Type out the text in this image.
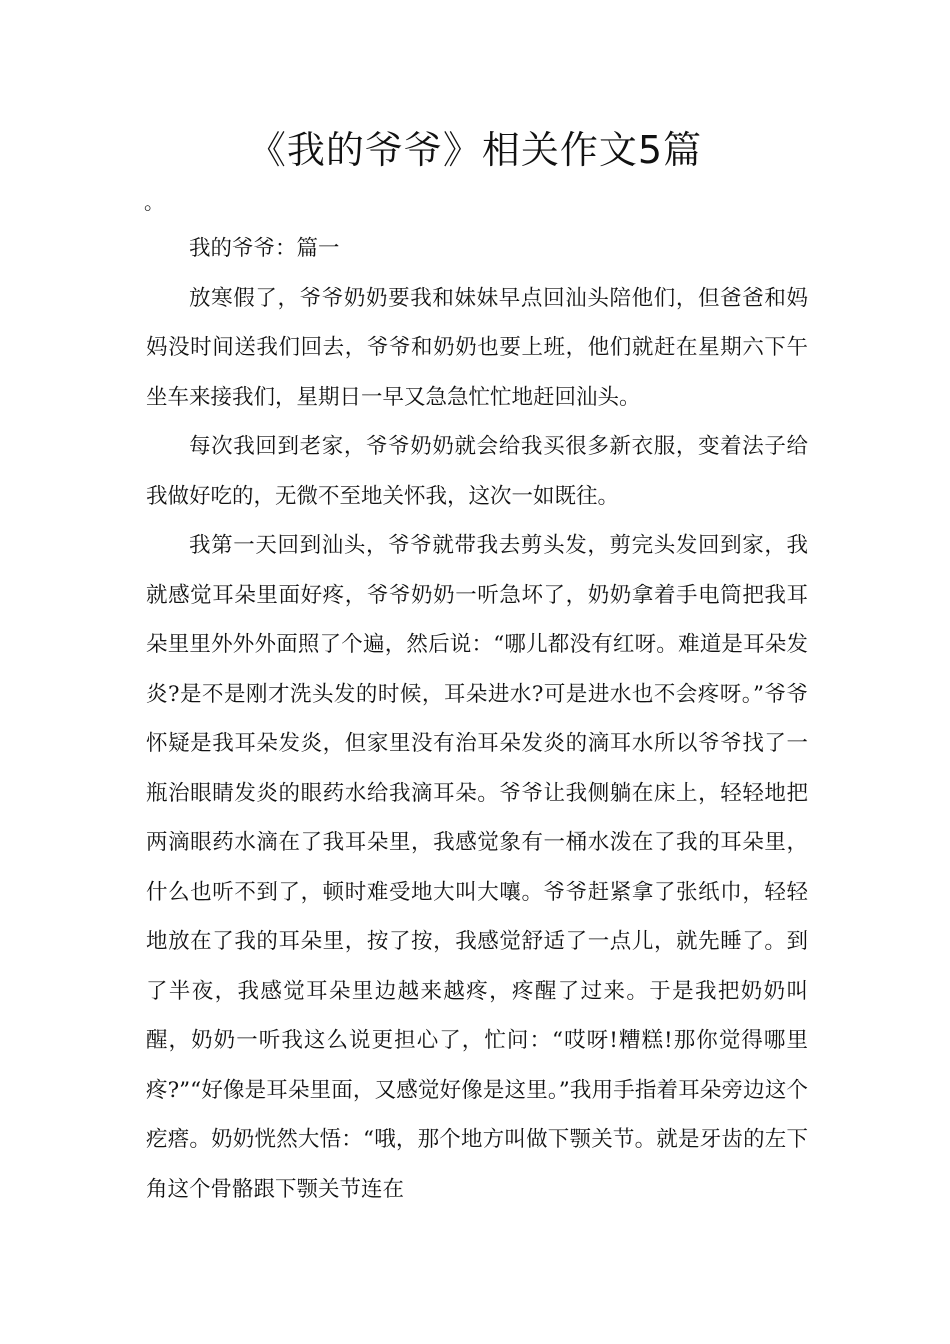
《我的爷爷》相关作文5篇
。

我的爷爷：篇一

放寒假了，爷爷奶奶要我和妹妹早点回汕头陪他们，但爸爸和妈妈没时间送我们回去，爷爷和奶奶也要上班，他们就赶在星期六下午坐车来接我们，星期日一早又急急忙忙地赶回汕头。

每次我回到老家，爷爷奶奶就会给我买很多新衣服，变着法子给我做好吃的，无微不至地关怀我，这次一如既往。

我第一天回到汕头，爷爷就带我去剪头发，剪完头发回到家，我就感觉耳朵里面好疼，爷爷奶奶一听急坏了，奶奶拿着手电筒把我耳朵里里外外外面照了个遍，然后说：“哪儿都没有红呀。难道是耳朵发炎?是不是刚才洗头发的时候，耳朵进水?可是进水也不会疼呀。”爷爷怀疑是我耳朵发炎，但家里没有治耳朵发炎的滴耳水所以爷爷找了一瓶治眼睛发炎的眼药水给我滴耳朵。爷爷让我侧躺在床上，轻轻地把两滴眼药水滴在了我耳朵里，我感觉象有一桶水泼在了我的耳朵里，什么也听不到了，顿时难受地大叫大嚷。爷爷赶紧拿了张纸巾，轻轻地放在了我的耳朵里，按了按，我感觉舒适了一点儿，就先睡了。到了半夜，我感觉耳朵里边越来越疼，疼醒了过来。于是我把奶奶叫醒，奶奶一听我这么说更担心了，忙问：“哎呀!糟糕!那你觉得哪里疼?”“好像是耳朵里面，又感觉好像是这里。”我用手指着耳朵旁边这个疙瘩。奶奶恍然大悟：“哦，那个地方叫做下颚关节。就是牙齿的左下角这个骨骼跟下颚关节连在
